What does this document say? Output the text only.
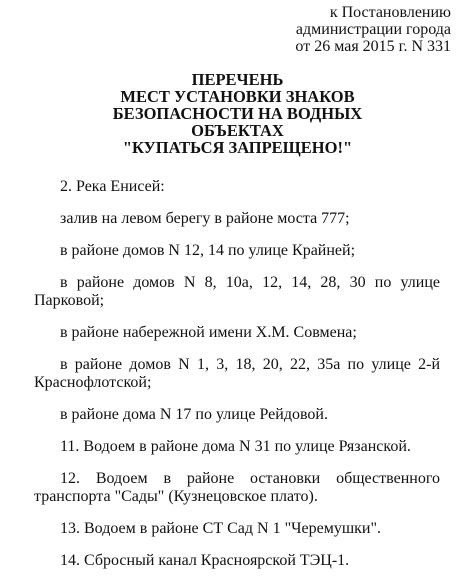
к Постановлению
администрации города
от 26 мая 2015 г. N 331
ПЕРЕЧЕНЬ
МЕСТ УСТАНОВКИ ЗНАКОВ
БЕЗОПАСНОСТИ НА ВОДНЫХ
ОБЪЕКТАХ
"КУПАТЬСЯ ЗАПРЕЩЕНО!"

2. Река Енисей:

залив на левом берегу в районе моста 777;

в районе домов N 12, 14 по улице Крайней;

в районе домов N 8, 10а, 12, 14, 28, 30 по улице Парковой;

в районе набережной имени Х.М. Совмена;

в районе домов N 1, 3, 18, 20, 22, 35а по улице 2-й Краснофлотской;

в районе дома N 17 по улице Рейдовой.

11. Водоем в районе дома N 31 по улице Рязанской.

12. Водоем в районе остановки общественного транспорта "Сады" (Кузнецовское плато).

13. Водоем в районе СТ Сад N 1 "Черемушки".

14. Сбросный канал Красноярской ТЭЦ-1.
